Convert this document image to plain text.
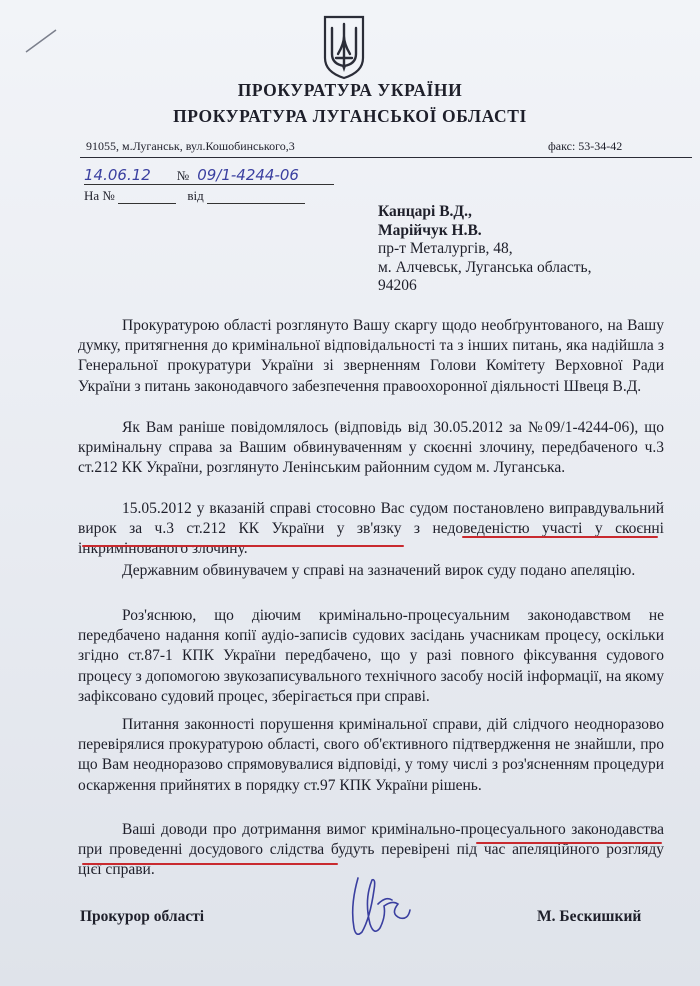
ПРОКУРАТУРА УКРАЇНИ
ПРОКУРАТУРА ЛУГАНСЬКОЇ ОБЛАСТІ
91055, м.Луганськ, вул.Кошобинського,3	факс: 53-34-42
14.06.12 № 09/1-4244-06
На №	від
Канцарі В.Д.,
Марійчук Н.В.
пр-т Металургів, 48,
м. Алчевськ, Луганська область,
94206
Прокуратурою області розглянуто Вашу скаргу щодо необґрунтованого, на Вашу думку, притягнення до кримінальної відповідальності та з інших питань, яка надійшла з Генеральної прокуратури України зі зверненням Голови Комітету Верховної Ради України з питань законодавчого забезпечення правоохоронної діяльності Швеця В.Д.
Як Вам раніше повідомлялось (відповідь від 30.05.2012 за №09/1-4244-06), що кримінальну справа за Вашим обвинуваченням у скоєнні злочину, передбаченого ч.3 ст.212 КК України, розглянуто Ленінським районним судом м. Луганська.
15.05.2012 у вказаній справі стосовно Вас судом постановлено виправдувальний вирок за ч.3 ст.212 КК України у зв'язку з недоведеністю участі у скоєнні інкримінованого злочину.
Державним обвинувачем у справі на зазначений вирок суду подано апеляцію.
Роз'яснюю, що діючим кримінально-процесуальним законодавством не передбачено надання копії аудіо-записів судових засідань учасникам процесу, оскільки згідно ст.87-1 КПК України передбачено, що у разі повного фіксування судового процесу з допомогою звукозаписувального технічного засобу носій інформації, на якому зафіксовано судовий процес, зберігається при справі.
Питання законності порушення кримінальної справи, дій слідчого неодноразово перевірялися прокуратурою області, свого об'єктивного підтвердження не знайшли, про що Вам неодноразово спрямовувалися відповіді, у тому числі з роз'ясненням процедури оскарження прийнятих в порядку ст.97 КПК України рішень.
Ваші доводи про дотримання вимог кримінально-процесуального законодавства при проведенні досудового слідства будуть перевірені під час апеляційного розгляду цієї справи.
Прокурор області	М. Бескишкий
